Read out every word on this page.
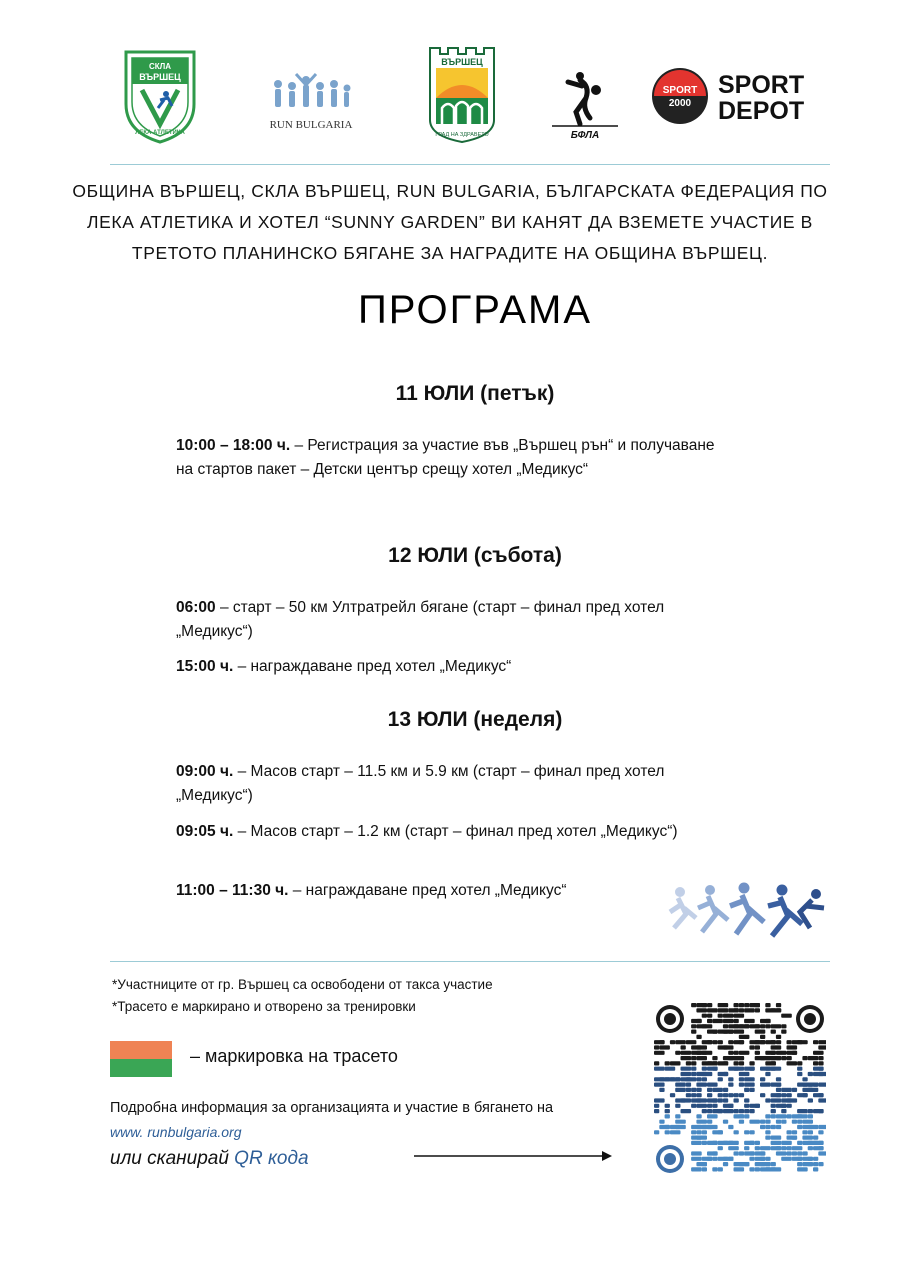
СКЛА
ВЪРШЕЦ
ЛЕКА АТЛЕТИКА
RUN BULGARIA
ВЪРШЕЦ
ГРАД НА ЗДРАВЕТО	БФЛА
SPORT
2000
SPORT
DEPOT
ОБЩИНА ВЪРШЕЦ, СКЛА ВЪРШЕЦ, RUN BULGARIA, БЪЛГАРСКАТА ФЕДЕРАЦИЯ ПО ЛЕКА АТЛЕТИКА И ХОТЕЛ “SUNNY GARDEN” ВИ КАНЯТ ДА ВЗЕМЕТЕ УЧАСТИЕ В ТРЕТОТО ПЛАНИНСКО БЯГАНЕ ЗА НАГРАДИТЕ НА ОБЩИНА ВЪРШЕЦ.
ПРОГРАМА
11 ЮЛИ (петък)
10:00 – 18:00 ч. – Регистрация за участие във „Вършец рън“ и получаване на стартов пакет – Детски център срещу хотел „Медикус“
12 ЮЛИ (събота)
06:00 – старт – 50 км Ултратрейл бягане (старт – финал пред хотел „Медикус“)
15:00 ч. – награждаване пред хотел „Медикус“
13 ЮЛИ (неделя)
09:00 ч. – Масов старт – 11.5 км и 5.9 км (старт – финал пред хотел „Медикус“)
09:05 ч. – Масов старт – 1.2 км (старт – финал пред хотел „Медикус“)
11:00 – 11:30 ч. – награждаване пред хотел „Медикус“
*Участниците от гр. Вършец са освободени от такса участие
*Трасето е маркирано и отворено за тренировки
– маркировка на трасето
Подробна информация за организацията и участие в бягането на
www. runbulgaria.org
или сканирай QR кода
